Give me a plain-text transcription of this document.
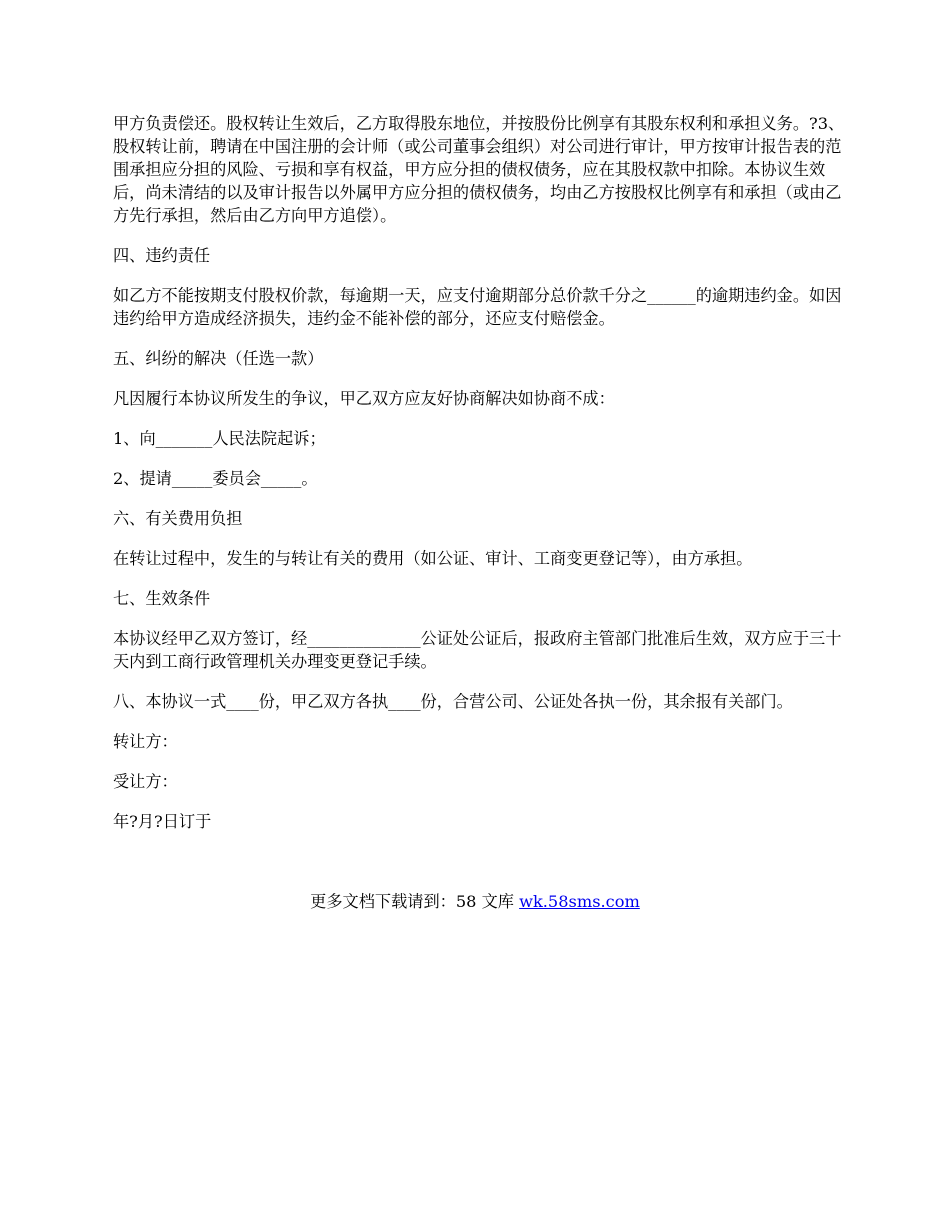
甲方负责偿还。股权转让生效后，乙方取得股东地位，并按股份比例享有其股东权利和承担义务。?3、股权转让前，聘请在中国注册的会计师（或公司董事会组织）对公司进行审计，甲方按审计报告表的范围承担应分担的风险、亏损和享有权益，甲方应分担的债权债务，应在其股权款中扣除。本协议生效后，尚未清结的以及审计报告以外属甲方应分担的债权债务，均由乙方按股权比例享有和承担（或由乙方先行承担，然后由乙方向甲方追偿）。

四、违约责任

如乙方不能按期支付股权价款，每逾期一天，应支付逾期部分总价款千分之______的逾期违约金。如因违约给甲方造成经济损失，违约金不能补偿的部分，还应支付赔偿金。

五、纠纷的解决（任选一款）

凡因履行本协议所发生的争议，甲乙双方应友好协商解决如协商不成：

1、向_______人民法院起诉；

2、提请_____委员会_____。

六、有关费用负担

在转让过程中，发生的与转让有关的费用（如公证、审计、工商变更登记等），由方承担。

七、生效条件

本协议经甲乙双方签订，经______________公证处公证后，报政府主管部门批准后生效，双方应于三十天内到工商行政管理机关办理变更登记手续。

八、本协议一式____份，甲乙双方各执____份，合营公司、公证处各执一份，其余报有关部门。

转让方：

受让方：

年?月?日订于

更多文档下载请到：58 文库 wk.58sms.com
